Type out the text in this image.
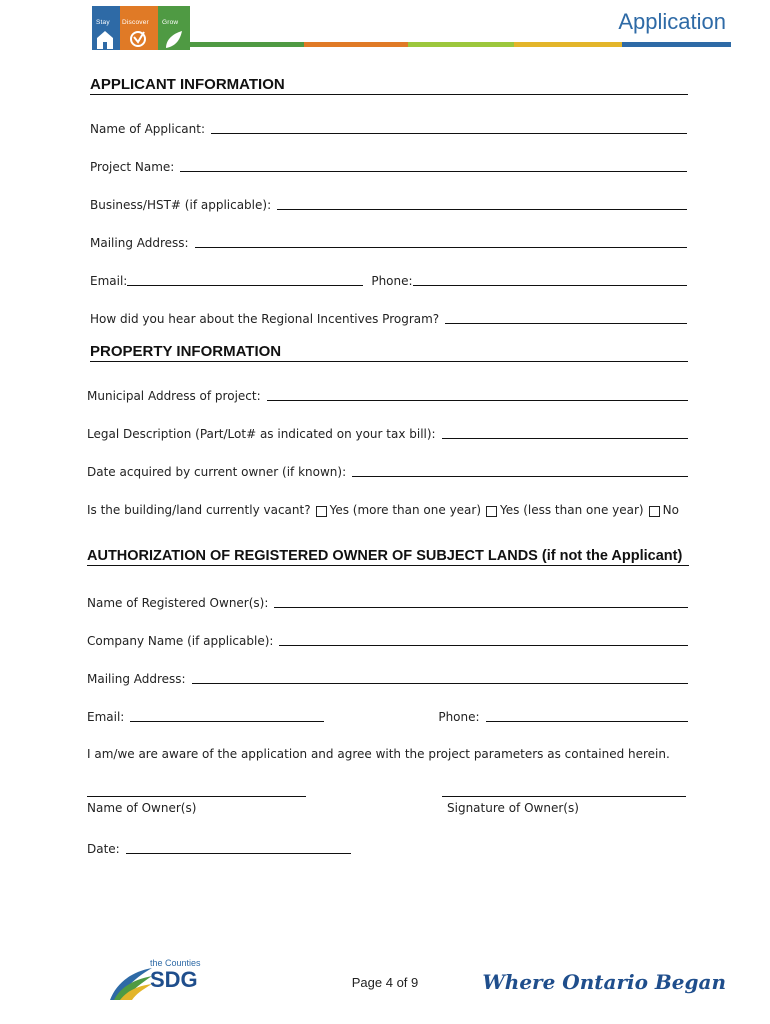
Stay Discover Grow	Application
APPLICANT INFORMATION
Name of Applicant:
Project Name:
Business/HST# (if applicable):
Mailing Address:
Email:	Phone:
How did you hear about the Regional Incentives Program?
PROPERTY INFORMATION
Municipal Address of project:
Legal Description (Part/Lot# as indicated on your tax bill):
Date acquired by current owner (if known):
Is the building/land currently vacant? Yes (more than one year) Yes (less than one year) No
AUTHORIZATION OF REGISTERED OWNER OF SUBJECT LANDS (if not the Applicant)
Name of Registered Owner(s):
Company Name (if applicable):
Mailing Address:
Email:	Phone:
I am/we are aware of the application and agree with the project parameters as contained herein.
Name of Owner(s)	Signature of Owner(s)
Date:
the Counties
SDG	Page 4 of 9	Where Ontario Began
